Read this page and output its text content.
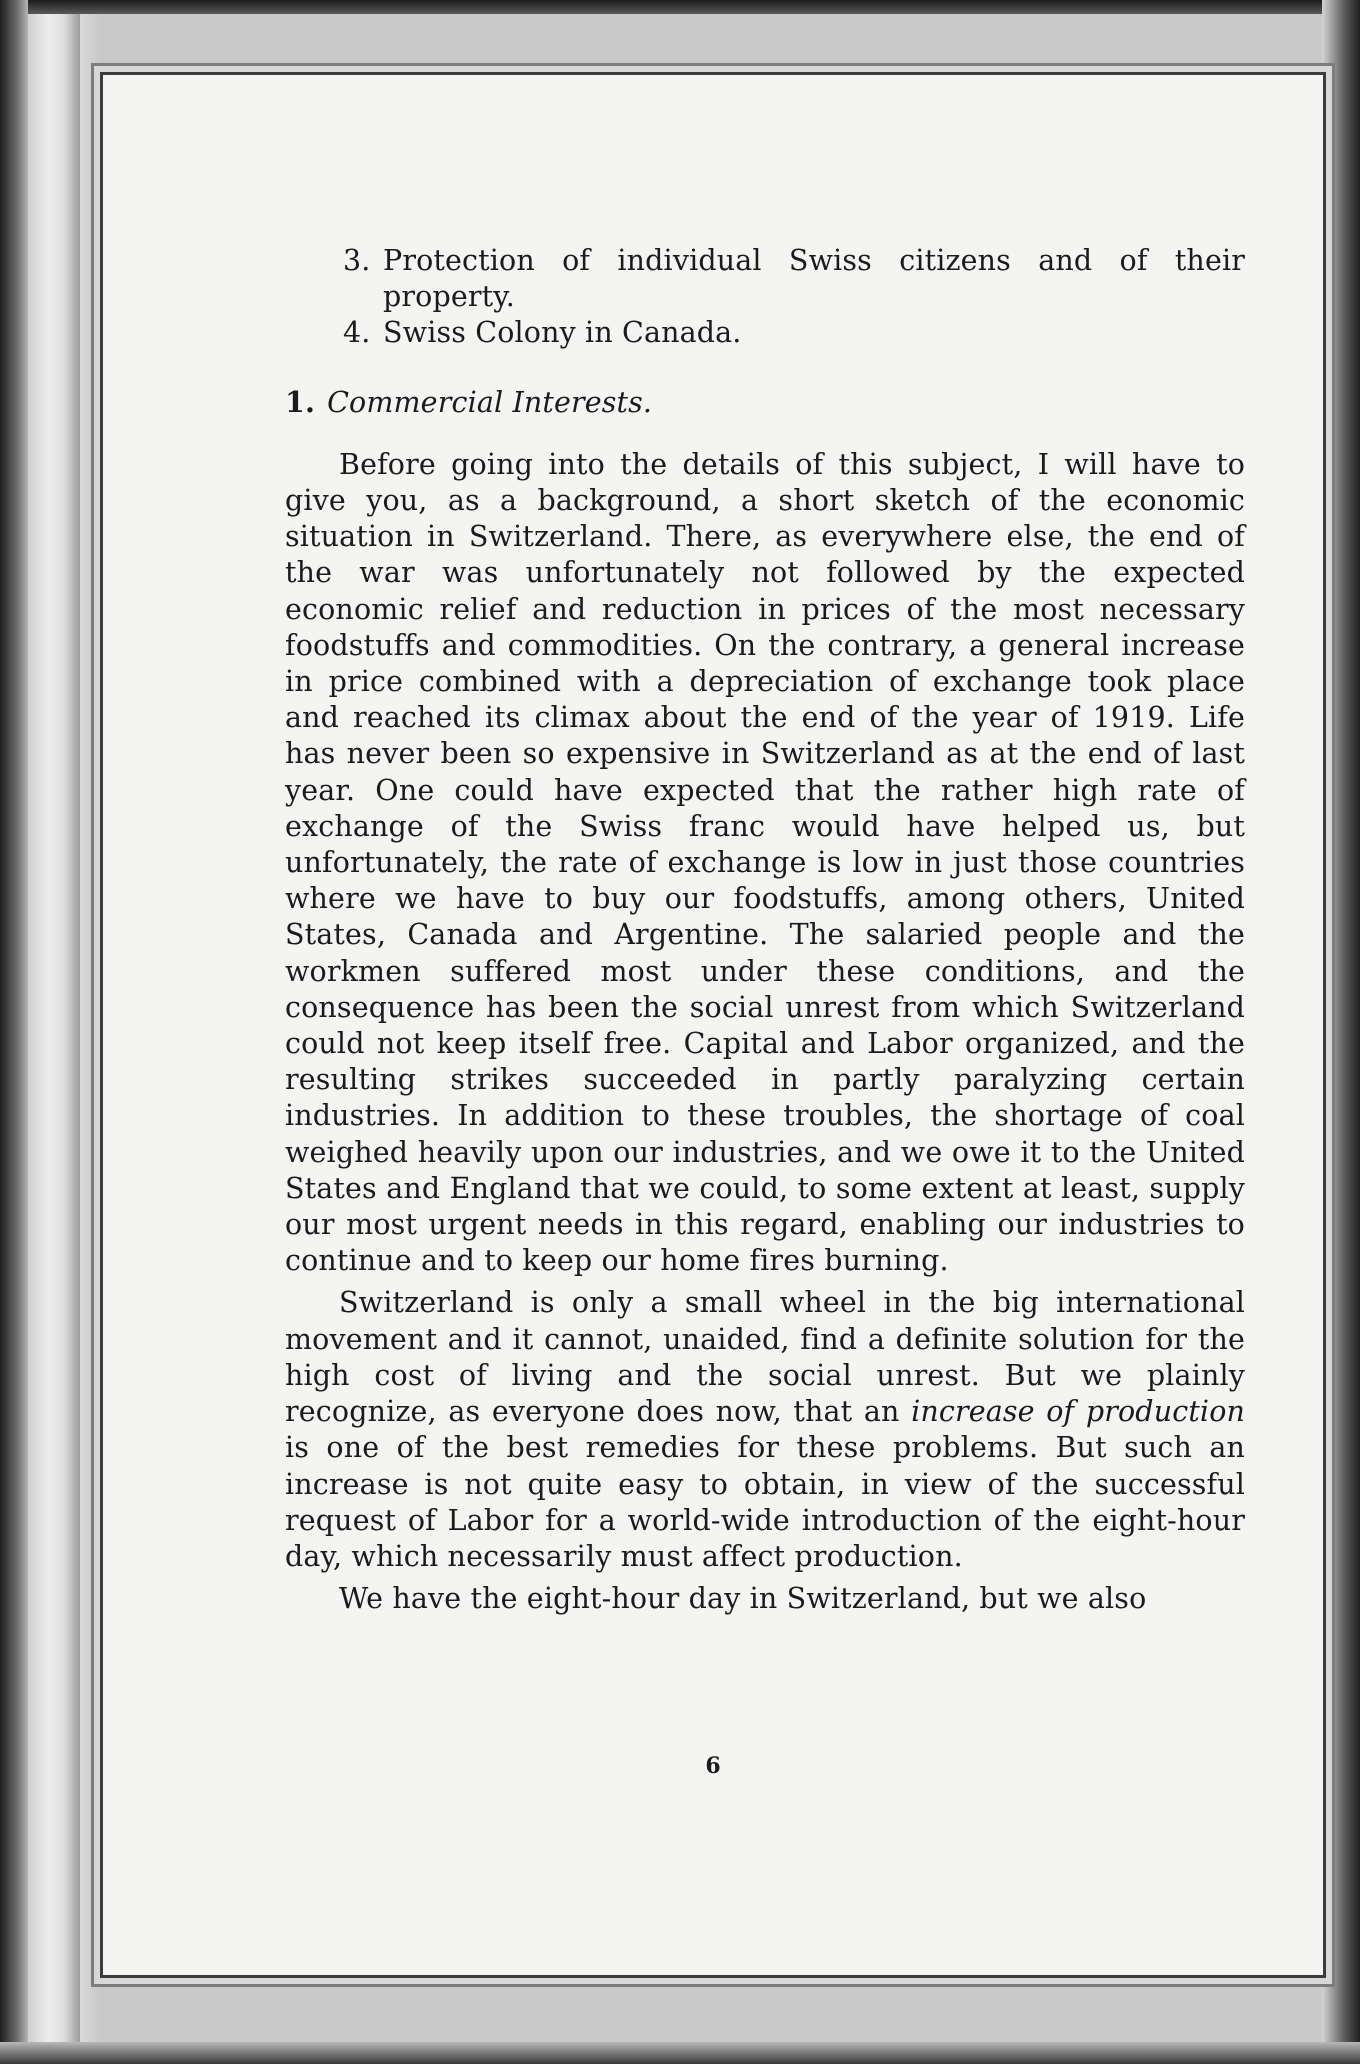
3. Protection of individual Swiss citizens and of their property.
4. Swiss Colony in Canada.
1. Commercial Interests.

Before going into the details of this subject, I will have to give you, as a background, a short sketch of the economic situation in Switzerland. There, as everywhere else, the end of the war was unfortunately not followed by the expected economic relief and reduction in prices of the most necessary foodstuffs and commodities. On the contrary, a general increase in price combined with a depreciation of exchange took place and reached its climax about the end of the year of 1919. Life has never been so expensive in Switzerland as at the end of last year. One could have expected that the rather high rate of exchange of the Swiss franc would have helped us, but unfortunately, the rate of exchange is low in just those countries where we have to buy our foodstuffs, among others, United States, Canada and Argentine. The salaried people and the workmen suffered most under these conditions, and the consequence has been the social unrest from which Switzerland could not keep itself free. Capital and Labor organized, and the resulting strikes succeeded in partly paralyzing certain industries. In addition to these troubles, the shortage of coal weighed heavily upon our industries, and we owe it to the United States and England that we could, to some extent at least, supply our most urgent needs in this regard, enabling our industries to continue and to keep our home fires burning.

Switzerland is only a small wheel in the big international movement and it cannot, unaided, find a definite solution for the high cost of living and the social unrest. But we plainly recognize, as everyone does now, that an increase of production is one of the best remedies for these problems. But such an increase is not quite easy to obtain, in view of the successful request of Labor for a world-wide introduction of the eight-hour day, which necessarily must affect production.

We have the eight-hour day in Switzerland, but we also

6
